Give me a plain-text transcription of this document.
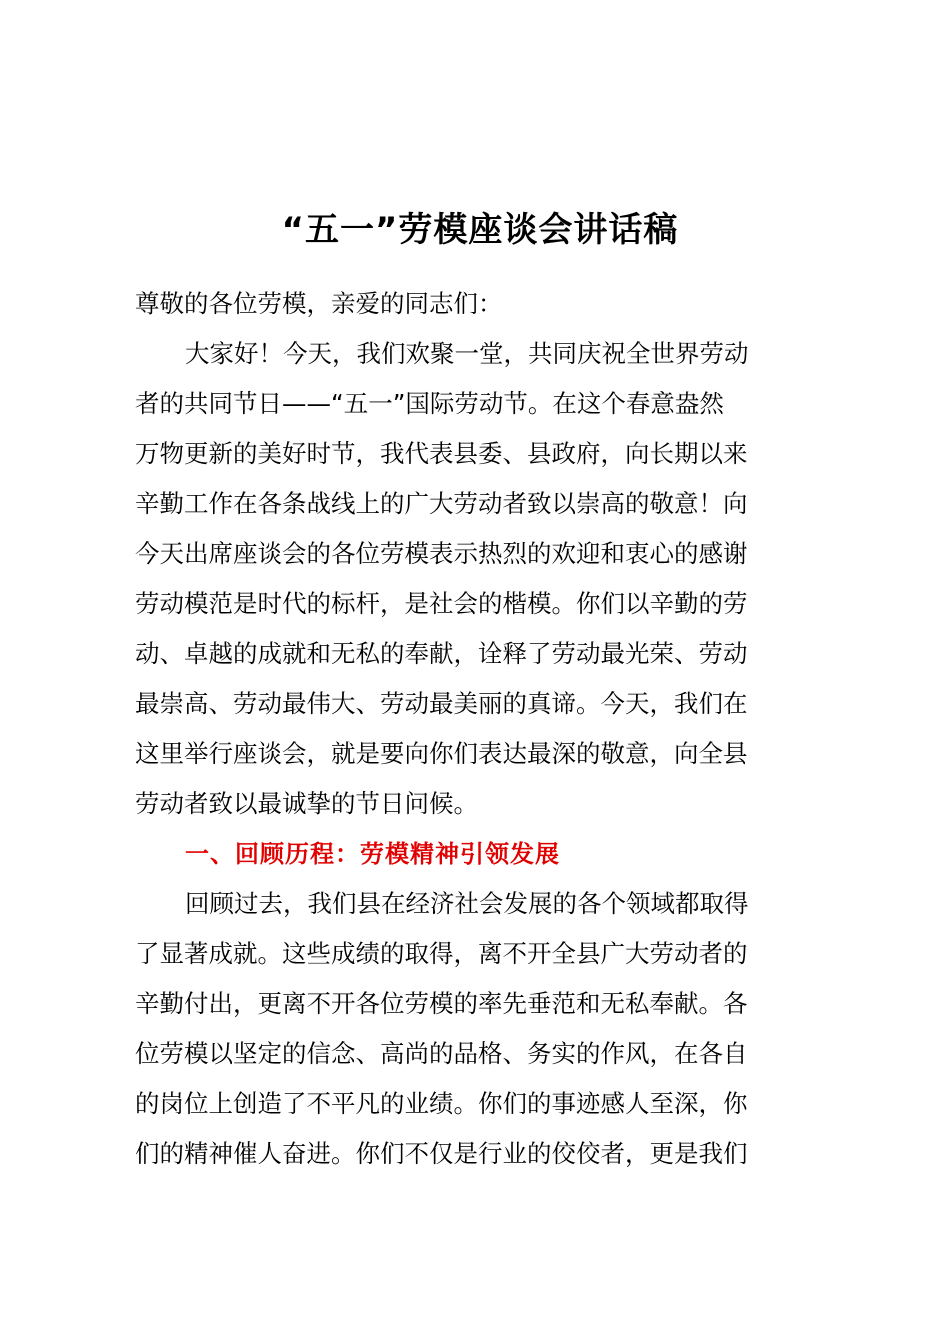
“五一”劳模座谈会讲话稿

尊敬的各位劳模，亲爱的同志们：

大家好！今天，我们欢聚一堂，共同庆祝全世界劳动
者的共同节日——“五一”国际劳动节。在这个春意盎然
万物更新的美好时节，我代表县委、县政府，向长期以来
辛勤工作在各条战线上的广大劳动者致以崇高的敬意！向
今天出席座谈会的各位劳模表示热烈的欢迎和衷心的感谢
劳动模范是时代的标杆，是社会的楷模。你们以辛勤的劳
动、卓越的成就和无私的奉献，诠释了劳动最光荣、劳动
最崇高、劳动最伟大、劳动最美丽的真谛。今天，我们在
这里举行座谈会，就是要向你们表达最深的敬意，向全县
劳动者致以最诚挚的节日问候。

一、回顾历程：劳模精神引领发展

回顾过去，我们县在经济社会发展的各个领域都取得
了显著成就。这些成绩的取得，离不开全县广大劳动者的
辛勤付出，更离不开各位劳模的率先垂范和无私奉献。各
位劳模以坚定的信念、高尚的品格、务实的作风，在各自
的岗位上创造了不平凡的业绩。你们的事迹感人至深，你
们的精神催人奋进。你们不仅是行业的佼佼者，更是我们
